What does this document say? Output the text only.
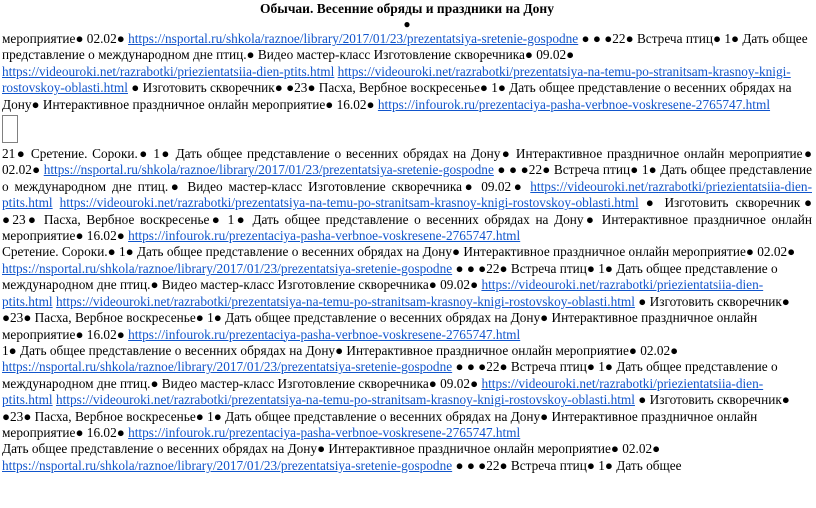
Обычаи. Весенние обряды и праздники на Дону
●

мероприятие● 02.02● https://nsportal.ru/shkola/raznoe/library/2017/01/23/prezentatsiya-sretenie-gospodne ● ● ●22● Встреча птиц● 1● Дать общее представление о международном дне птиц.● Видео мастер-класс Изготовление скворечника● 09.02● https://videouroki.net/razrabotki/priezientatsiia-dien-ptits.html https://videouroki.net/razrabotki/prezentatsiya-na-temu-po-stranitsam-krasnoy-knigi-rostovskoy-oblasti.html ● Изготовить скворечник● ●23● Пасха, Вербное воскресенье● 1● Дать общее представление о весенних обрядах на Дону● Интерактивное праздничное онлайн мероприятие● 16.02● https://infourok.ru/prezentaciya-pasha-verbnoe-voskresene-2765747.html

21● Сретение. Сороки.● 1● Дать общее представление о весенних обрядах на Дону● Интерактивное праздничное онлайн мероприятие● 02.02● https://nsportal.ru/shkola/raznoe/library/2017/01/23/prezentatsiya-sretenie-gospodne ● ● ●22● Встреча птиц● 1● Дать общее представление о международном дне птиц.● Видео мастер-класс Изготовление скворечника● 09.02● https://videouroki.net/razrabotki/priezientatsiia-dien-ptits.html https://videouroki.net/razrabotki/prezentatsiya-na-temu-po-stranitsam-krasnoy-knigi-rostovskoy-oblasti.html ● Изготовить скворечник● ●23● Пасха, Вербное воскресенье● 1● Дать общее представление о весенних обрядах на Дону● Интерактивное праздничное онлайн мероприятие● 16.02● https://infourok.ru/prezentaciya-pasha-verbnoe-voskresene-2765747.html

Сретение. Сороки.● 1● Дать общее представление о весенних обрядах на Дону● Интерактивное праздничное онлайн мероприятие● 02.02● https://nsportal.ru/shkola/raznoe/library/2017/01/23/prezentatsiya-sretenie-gospodne ● ● ●22● Встреча птиц● 1● Дать общее представление о международном дне птиц.● Видео мастер-класс Изготовление скворечника● 09.02● https://videouroki.net/razrabotki/priezientatsiia-dien-ptits.html https://videouroki.net/razrabotki/prezentatsiya-na-temu-po-stranitsam-krasnoy-knigi-rostovskoy-oblasti.html ● Изготовить скворечник● ●23● Пасха, Вербное воскресенье● 1● Дать общее представление о весенних обрядах на Дону● Интерактивное праздничное онлайн мероприятие● 16.02● https://infourok.ru/prezentaciya-pasha-verbnoe-voskresene-2765747.html

1● Дать общее представление о весенних обрядах на Дону● Интерактивное праздничное онлайн мероприятие● 02.02● https://nsportal.ru/shkola/raznoe/library/2017/01/23/prezentatsiya-sretenie-gospodne ● ● ●22● Встреча птиц● 1● Дать общее представление о международном дне птиц.● Видео мастер-класс Изготовление скворечника● 09.02● https://videouroki.net/razrabotki/priezientatsiia-dien-ptits.html https://videouroki.net/razrabotki/prezentatsiya-na-temu-po-stranitsam-krasnoy-knigi-rostovskoy-oblasti.html ● Изготовить скворечник● ●23● Пасха, Вербное воскресенье● 1● Дать общее представление о весенних обрядах на Дону● Интерактивное праздничное онлайн мероприятие● 16.02● https://infourok.ru/prezentaciya-pasha-verbnoe-voskresene-2765747.html

Дать общее представление о весенних обрядах на Дону● Интерактивное праздничное онлайн мероприятие● 02.02● https://nsportal.ru/shkola/raznoe/library/2017/01/23/prezentatsiya-sretenie-gospodne ● ● ●22● Встреча птиц● 1● Дать общее
